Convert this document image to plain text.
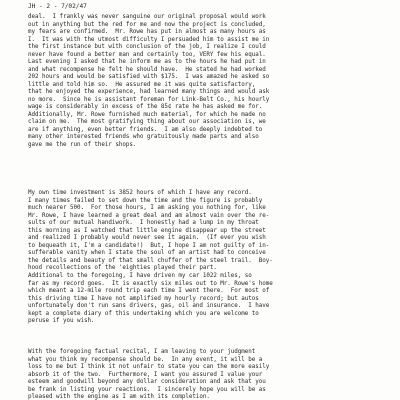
JH - 2 - 7/02/47
deal.  I frankly was never sanguine our original proposal would work
out in anything but the red for me and now the project is concluded,
my fears are confirmed.  Mr. Rowe has put in almost as many hours as
I.  It was with the utmost difficulty I persuaded him to assist me in
the first instance but with conclusion of the job, I realize I could
never have found a better man and certainly too, VERY few his equal.
Last evening I asked that he inform me as to the hours he had put in
and what recompense he felt he should have.  He stated he had worked
202 hours and would be satisfied with $175.  I was amazed he asked so
little and told him so.  He assured me it was quite satisfactory,
that he enjoyed the experience, had learned many things and would ask
no more.  Since he is assistant foreman for Link-Belt Co., his hourly
wage is considerably in excess of the 85¢ rate he has asked me for.
Additionally, Mr. Rowe furnished much material, for which he made no
claim on me.  The most gratifying thing about our association is, we
are if anything, even better friends.  I am also deeply indebted to
many other interested friends who gratuitously made parts and also
gave me the run of their shops.
My own time investment is 3852 hours of which I have any record.
I many times failed to set down the time and the figure is probably
much nearer 500.  For those hours, I am asking you nothing for, like
Mr. Rowe, I have learned a great deal and am almost vain over the re-
sults of our mutual handiwork.  I honestly had a lump in my throat
this morning as I watched that little engine disappear up the street
and realized I probably would never see it again.  (If ever you wish
to bequeath it, I'm a candidate!)  But, I hope I am not guilty of in-
sufferable vanity when I state the soul of an artist had to conceive
the details and beauty of that small chuffer of the steel trail.  Boy-
hood recollections of the 'eighties played their part.
Additional to the foregoing, I have driven my car 1022 miles, so
far as my record goes.  It is exactly six miles out to Mr. Rowe's home
which meant a 12-mile round trip each time I went there.  For most of
this driving time I have not amplified my hourly record; but autos
unfortunately don't run sans drivers, gas, oil and insurance.  I have
kept a complete diary of this undertaking which you are welcome to
peruse if you wish.
With the foregoing factual recital, I am leaving to your judgment
what you think my recompense should be.  In any event, it will be a
loss to me but I think it not unfair to state you can the more easily
absorb it of the two.  Furthermore, I want you assured I value your
esteem and goodwill beyond any dollar consideration and ask that you
be frank in listing your reactions.  I sincerely hope you will be as
pleased with the engine as I am with its completion.
